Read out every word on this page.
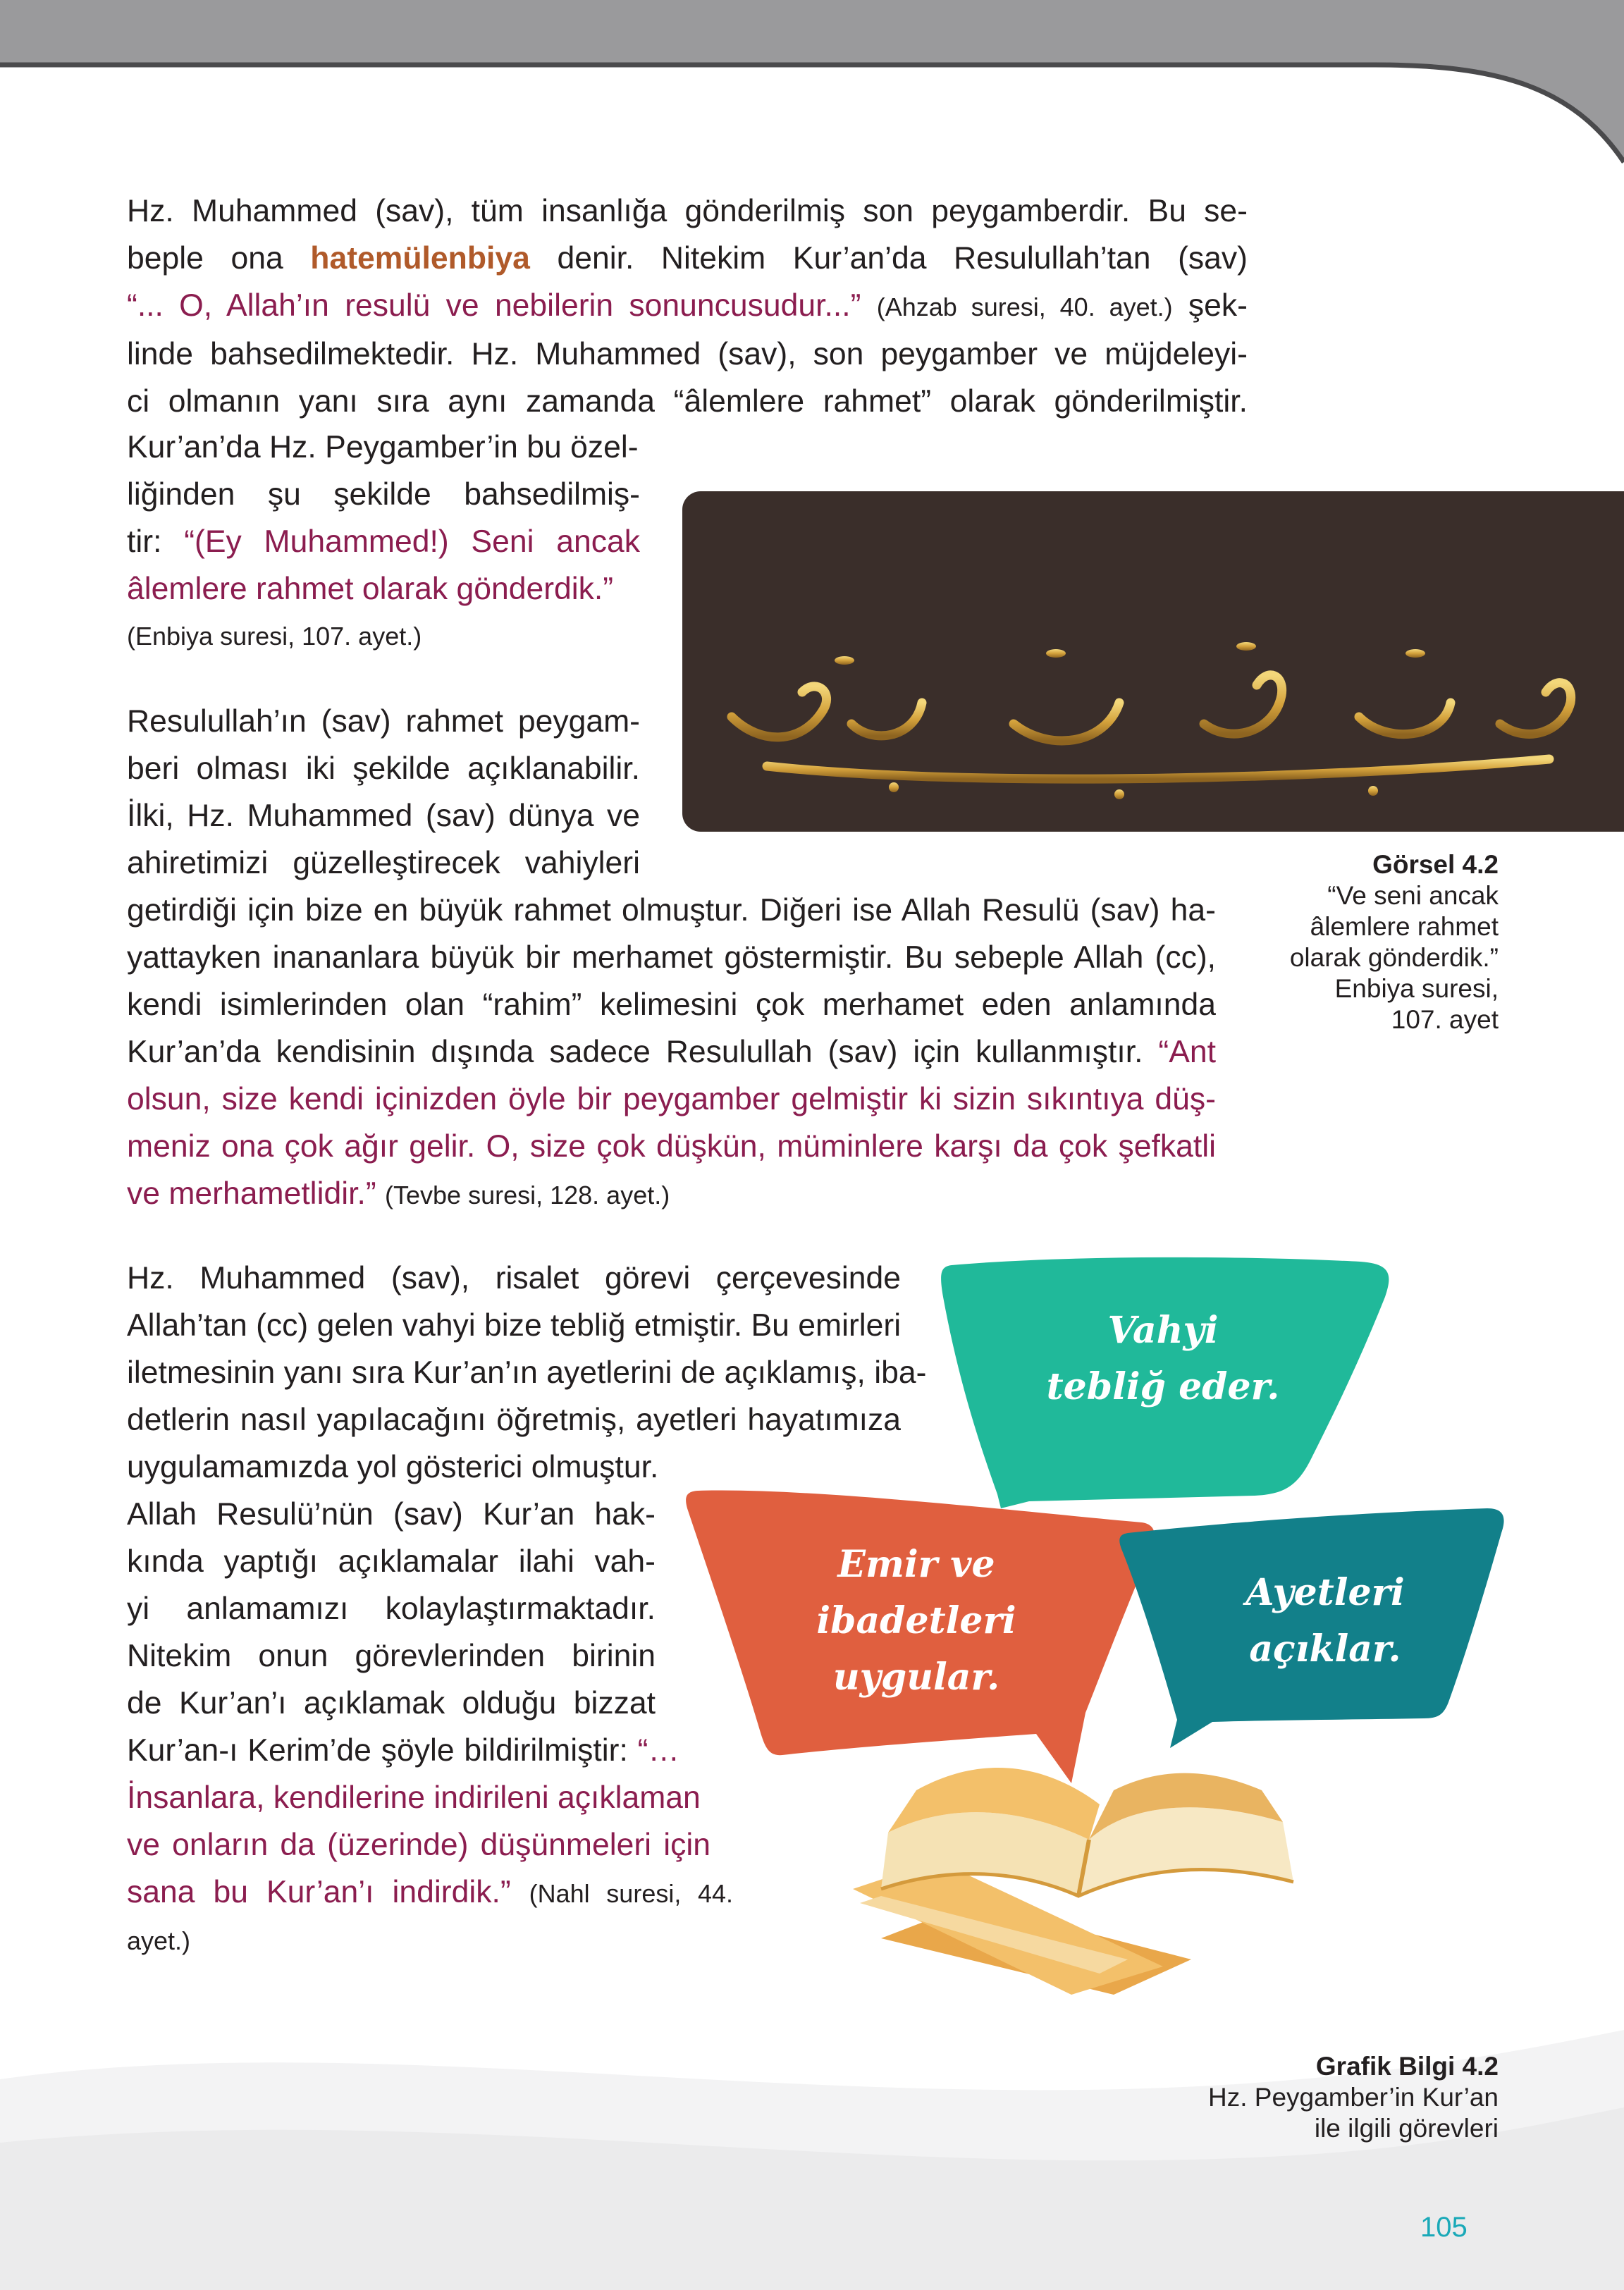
Hz. Muhammed (sav), tüm insanlığa gönderilmiş son peygamberdir. Bu se-
beple ona hatemülenbiya denir. Nitekim Kur’an’da Resulullah’tan (sav)
“... O, Allah’ın resulü ve nebilerin sonuncusudur...” (Ahzab suresi, 40. ayet.) şek-
linde bahsedilmektedir. Hz. Muhammed (sav), son peygamber ve müjdeleyi-
ci olmanın yanı sıra aynı zamanda “âlemlere rahmet” olarak gönderilmiştir.
Kur’an’da Hz. Peygamber’in bu özel-
liğinden şu şekilde bahsedilmiş-
tir: “(Ey Muhammed!) Seni ancak
âlemlere rahmet olarak gönderdik.”
(Enbiya suresi, 107. ayet.)
Görsel 4.2
“Ve seni ancak
âlemlere rahmet
olarak gönderdik.”
Enbiya suresi,
107. ayet
Resulullah’ın (sav) rahmet peygam-
beri olması iki şekilde açıklanabilir.
İlki, Hz. Muhammed (sav) dünya ve
ahiretimizi güzelleştirecek vahiyleri
getirdiği için bize en büyük rahmet olmuştur. Diğeri ise Allah Resulü (sav) ha-
yattayken inananlara büyük bir merhamet göstermiştir. Bu sebeple Allah (cc),
kendi isimlerinden olan “rahim” kelimesini çok merhamet eden anlamında
Kur’an’da kendisinin dışında sadece Resulullah (sav) için kullanmıştır. “Ant
olsun, size kendi içinizden öyle bir peygamber gelmiştir ki sizin sıkıntıya düş-
meniz ona çok ağır gelir. O, size çok düşkün, müminlere karşı da çok şefkatli
ve merhametlidir.” (Tevbe suresi, 128. ayet.)
Hz. Muhammed (sav), risalet görevi çerçevesinde
Allah’tan (cc) gelen vahyi bize tebliğ etmiştir. Bu emirleri
iletmesinin yanı sıra Kur’an’ın ayetlerini de açıklamış, iba-
detlerin nasıl yapılacağını öğretmiş, ayetleri hayatımıza
uygulamamızda yol gösterici olmuştur.
Allah Resulü’nün (sav) Kur’an hak-
kında yaptığı açıklamalar ilahi vah-
yi anlamamızı kolaylaştırmaktadır.
Nitekim onun görevlerinden birinin
de Kur’an’ı açıklamak olduğu bizzat
Kur’an-ı Kerim’de şöyle bildirilmiştir: “…
İnsanlara, kendilerine indirileni açıklaman
ve onların da (üzerinde) düşünmeleri için
sana bu Kur’an’ı indirdik.” (Nahl suresi, 44.
ayet.)
Vahyi
tebliğ eder.
Emir ve
ibadetleri
uygular.
Ayetleri
açıklar.
Grafik Bilgi 4.2
Hz. Peygamber’in Kur’an
ile ilgili görevleri
105
